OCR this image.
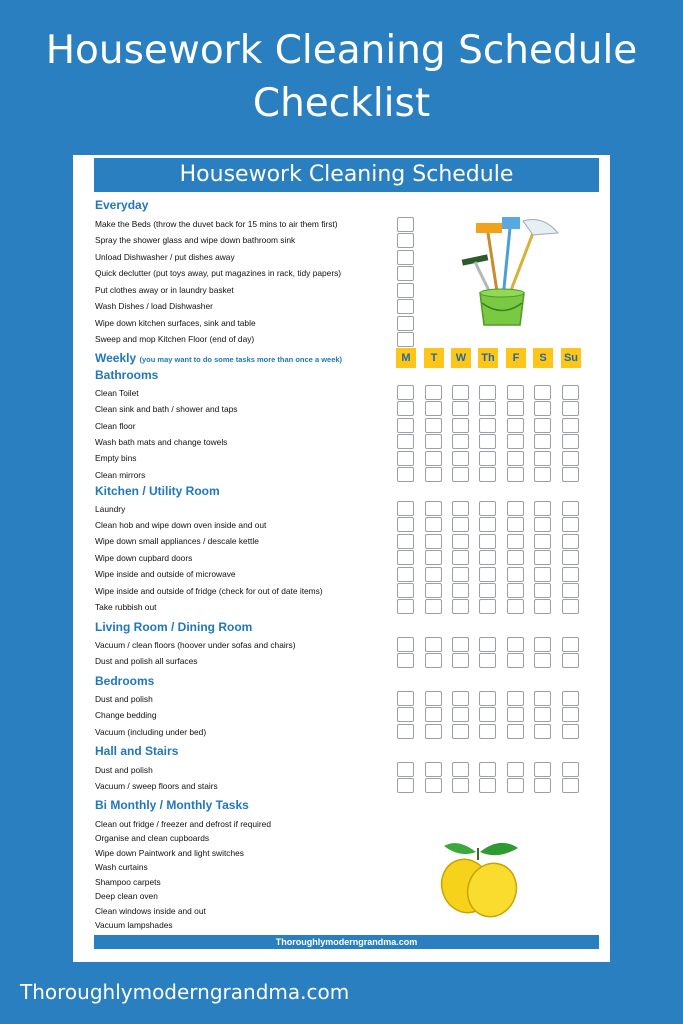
Housework Cleaning Schedule
Checklist
Housework Cleaning Schedule
Everyday
Make the Beds (throw the duvet back for 15 mins to air them first)
Spray the shower glass and wipe down bathroom sink
Unload Dishwasher / put dishes away
Quick declutter (put toys away, put magazines in rack, tidy papers)
Put clothes away or in laundry basket
Wash Dishes / load Dishwasher
Wipe down kitchen surfaces, sink and table
Sweep and mop Kitchen Floor (end of day)
Weekly (you may want to do some tasks more than once a week)	M	T	W	Th	F	S	Su
Bathrooms
Clean Toilet
Clean sink and bath / shower and taps
Clean floor
Wash bath mats and change towels
Empty bins
Clean mirrors
Kitchen / Utility Room
Laundry
Clean hob and wipe down oven inside and out
Wipe down small appliances / descale kettle
Wipe down cupbard doors
Wipe inside and outside of microwave
Wipe inside and outside of fridge (check for out of date items)
Take rubbish out
Living Room / Dining Room
Vacuum / clean floors (hoover under sofas and chairs)
Dust and polish all surfaces
Bedrooms
Dust and polish
Change bedding
Vacuum (including under bed)
Hall and Stairs
Dust and polish
Vacuum / sweep floors and stairs
Bi Monthly / Monthly Tasks
Clean out fridge / freezer and defrost if required
Organise and clean cupboards
Wipe down Paintwork and light switches
Wash curtains
Shampoo carpets
Deep clean oven
Clean windows inside and out
Vacuum lampshades
Thoroughlymoderngrandma.com
Thoroughlymoderngrandma.com
